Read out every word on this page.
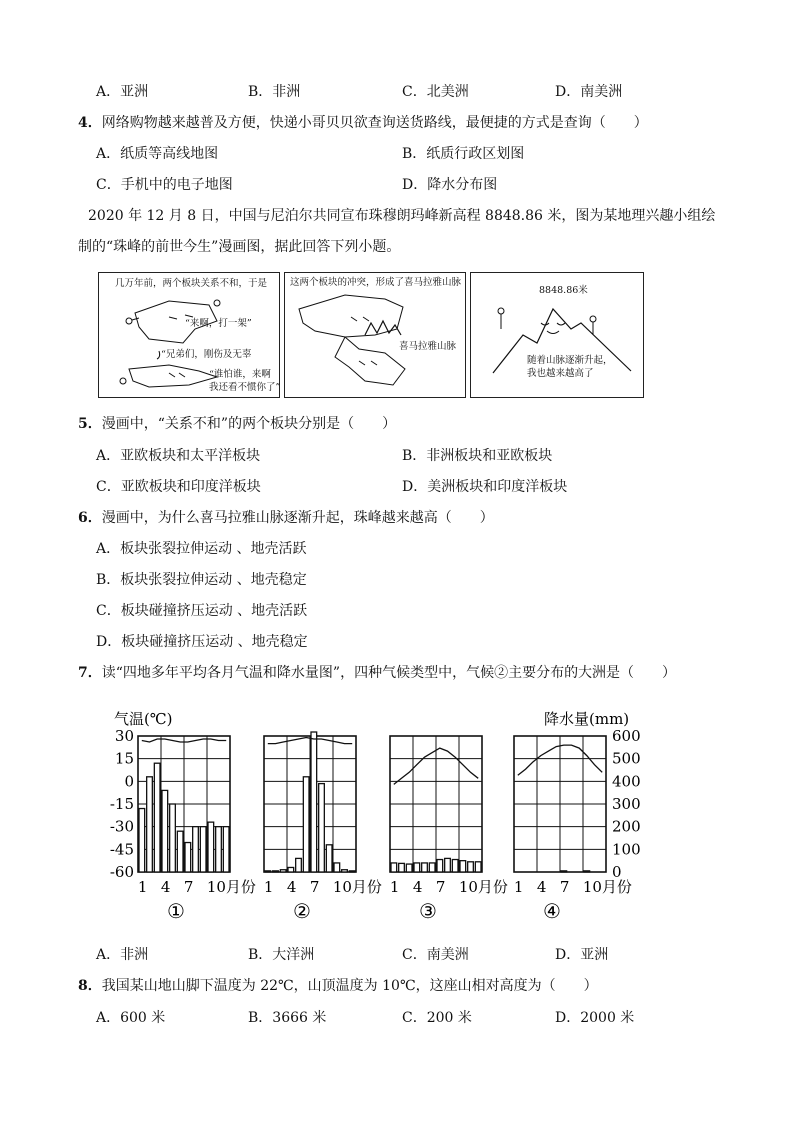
A．亚洲	B．非洲	C．北美洲	D．南美洲
4．网络购物越来越普及方便，快递小哥贝贝欲查询送货路线，最便捷的方式是查询（　　）
A．纸质等高线地图	B．纸质行政区划图
C．手机中的电子地图	D．降水分布图
2020 年 12 月 8 日，中国与尼泊尔共同宣布珠穆朗玛峰新高程 8848.86 米，图为某地理兴趣小组绘
制的“珠峰的前世今生”漫画图，据此回答下列小题。
几万年前，两个板块关系不和，于是
“来啊，打一架”
“兄弟们，刚伤及无辜
“谁怕谁，来啊
我还看不惯你了”
这两个板块的冲突，形成了喜马拉雅山脉
喜马拉雅山脉
8848.86米
随着山脉逐渐升起，
我也越来越高了
5．漫画中，“关系不和”的两个板块分别是（　　）
A．亚欧板块和太平洋板块	B．非洲板块和亚欧板块
C．亚欧板块和印度洋板块	D．美洲板块和印度洋板块
6．漫画中，为什么喜马拉雅山脉逐渐升起，珠峰越来越高（　　）
A．板块张裂拉伸运动 、地壳活跃
B．板块张裂拉伸运动 、地壳稳定
C．板块碰撞挤压运动 、地壳活跃
D．板块碰撞挤压运动 、地壳稳定
7．读“四地多年平均各月气温和降水量图”，四种气候类型中，气候②主要分布的大洲是（　　）
气温(℃)	降水量(mm)
30
15
0
-15
-30
-45
-60
600
500
400
300
200
100
0
1 4 7 10月份
①
1 4 7 10月份
②
1 4 7 10月份
③
1 4 7 10月份
④
A．非洲	B．大洋洲	C．南美洲	D．亚洲
8．我国某山地山脚下温度为 22℃，山顶温度为 10℃，这座山相对高度为（　　）
A．600 米	B．3666 米	C．200 米	D．2000 米
